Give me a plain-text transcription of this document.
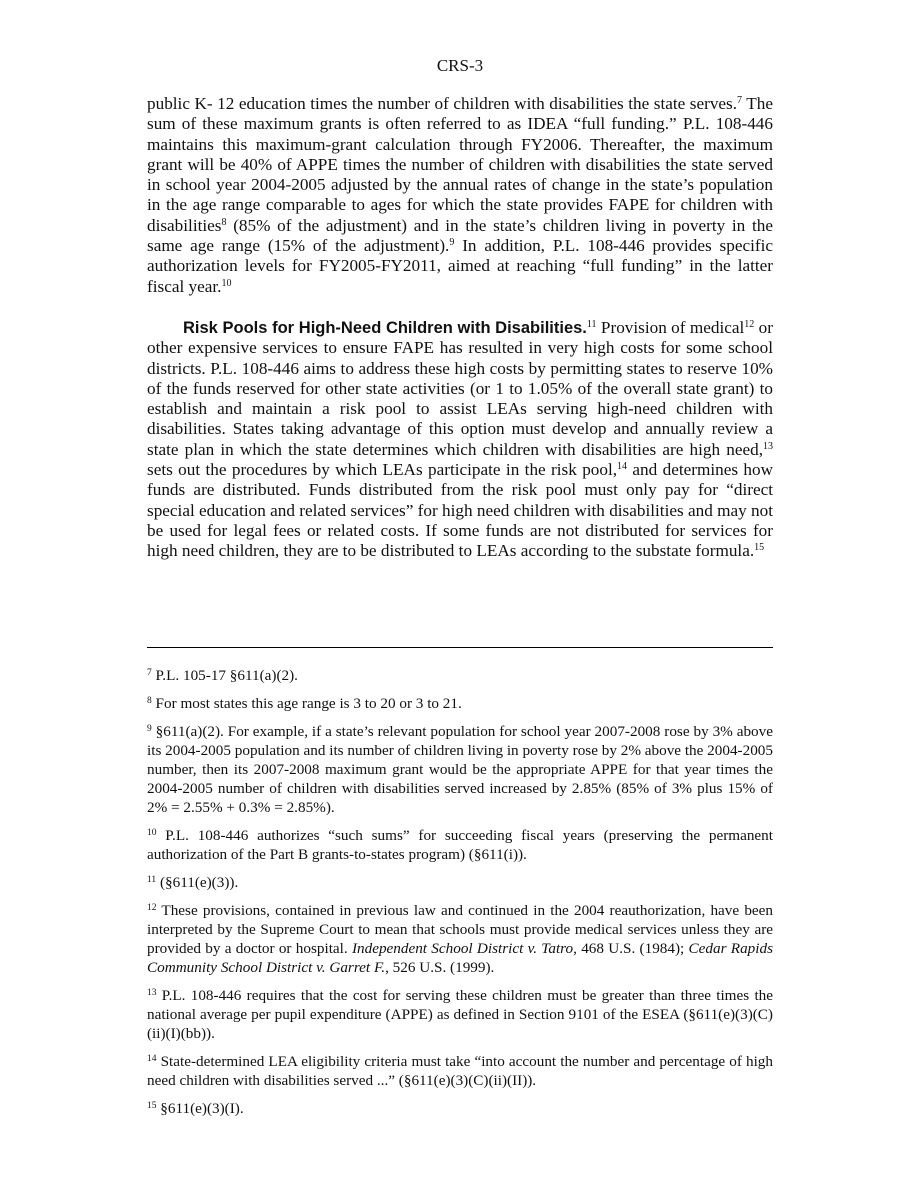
CRS-3

public K- 12 education times the number of children with disabilities the state serves.$^7$ The sum of these maximum grants is often referred to as IDEA “full funding.” P.L. 108-446 maintains this maximum-grant calculation through FY2006. Thereafter, the maximum grant will be 40% of APPE times the number of children with disabilities the state served in school year 2004-2005 adjusted by the annual rates of change in the state’s population in the age range comparable to ages for which the state provides FAPE for children with disabilities$^8$ (85% of the adjustment) and in the state’s children living in poverty in the same age range (15% of the adjustment).$^9$ In addition, P.L. 108-446 provides specific authorization levels for FY2005-FY2011, aimed at reaching “full funding” in the latter fiscal year.$^{10}$

Risk Pools for High-Need Children with Disabilities.$^{11}$ Provision of medical$^{12}$ or other expensive services to ensure FAPE has resulted in very high costs for some school districts. P.L. 108-446 aims to address these high costs by permitting states to reserve 10% of the funds reserved for other state activities (or 1 to 1.05% of the overall state grant) to establish and maintain a risk pool to assist LEAs serving high-need children with disabilities. States taking advantage of this option must develop and annually review a state plan in which the state determines which children with disabilities are high need,$^{13}$ sets out the procedures by which LEAs participate in the risk pool,$^{14}$ and determines how funds are distributed. Funds distributed from the risk pool must only pay for “direct special education and related services” for high need children with disabilities and may not be used for legal fees or related costs. If some funds are not distributed for services for high need children, they are to be distributed to LEAs according to the substate formula.$^{15}$

$^7$ P.L. 105-17 §611(a)(2).

$^8$ For most states this age range is 3 to 20 or 3 to 21.

$^9$ §611(a)(2). For example, if a state’s relevant population for school year 2007-2008 rose by 3% above its 2004-2005 population and its number of children living in poverty rose by 2% above the 2004-2005 number, then its 2007-2008 maximum grant would be the appropriate APPE for that year times the 2004-2005 number of children with disabilities served increased by 2.85% (85% of 3% plus 15% of 2% = 2.55% + 0.3% = 2.85%).

$^{10}$ P.L. 108-446 authorizes “such sums” for succeeding fiscal years (preserving the permanent authorization of the Part B grants-to-states program) (§611(i)).

$^{11}$ (§611(e)(3)).

$^{12}$ These provisions, contained in previous law and continued in the 2004 reauthorization, have been interpreted by the Supreme Court to mean that schools must provide medical services unless they are provided by a doctor or hospital. Independent School District v. Tatro, 468 U.S. (1984); Cedar Rapids Community School District v. Garret F., 526 U.S. (1999).

$^{13}$ P.L. 108-446 requires that the cost for serving these children must be greater than three times the national average per pupil expenditure (APPE) as defined in Section 9101 of the ESEA (§611(e)(3)(C)(ii)(I)(bb)).

$^{14}$ State-determined LEA eligibility criteria must take “into account the number and percentage of high need children with disabilities served ...” (§611(e)(3)(C)(ii)(II)).

$^{15}$ §611(e)(3)(I).
